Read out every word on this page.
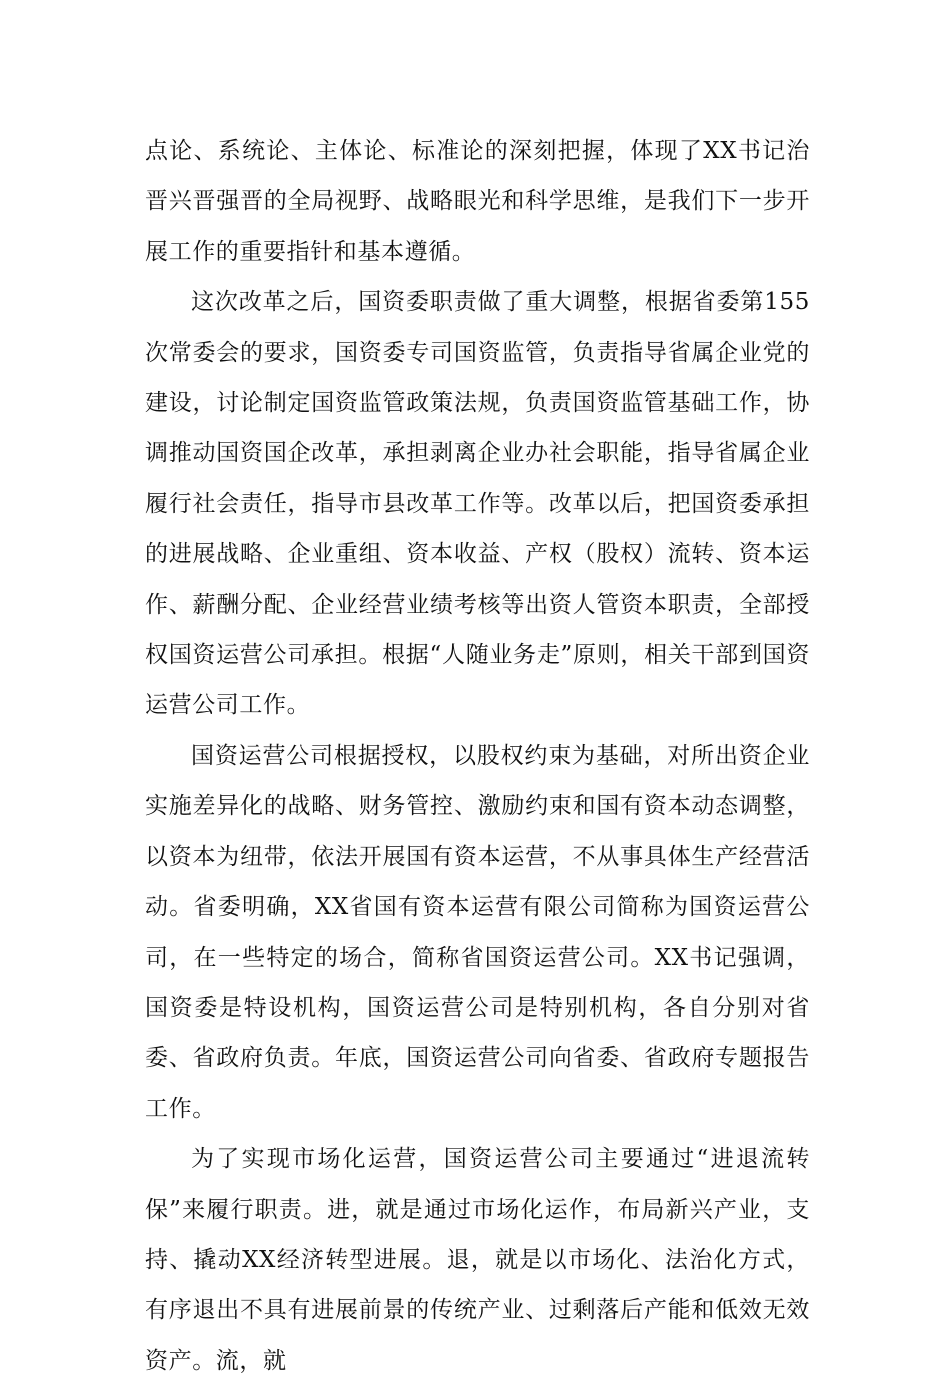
点论、系统论、主体论、标准论的深刻把握，体现了XX书记治晋兴晋强晋的全局视野、战略眼光和科学思维，是我们下一步开展工作的重要指针和基本遵循。

这次改革之后，国资委职责做了重大调整，根据省委第155次常委会的要求，国资委专司国资监管，负责指导省属企业党的建设，讨论制定国资监管政策法规，负责国资监管基础工作，协调推动国资国企改革，承担剥离企业办社会职能，指导省属企业履行社会责任，指导市县改革工作等。改革以后，把国资委承担的进展战略、企业重组、资本收益、产权（股权）流转、资本运作、薪酬分配、企业经营业绩考核等出资人管资本职责，全部授权国资运营公司承担。根据“人随业务走”原则，相关干部到国资运营公司工作。

国资运营公司根据授权，以股权约束为基础，对所出资企业实施差异化的战略、财务管控、激励约束和国有资本动态调整，以资本为纽带，依法开展国有资本运营，不从事具体生产经营活动。省委明确，XX省国有资本运营有限公司简称为国资运营公司，在一些特定的场合，简称省国资运营公司。XX书记强调，国资委是特设机构，国资运营公司是特别机构，各自分别对省委、省政府负责。年底，国资运营公司向省委、省政府专题报告工作。

为了实现市场化运营，国资运营公司主要通过“进退流转保”来履行职责。进，就是通过市场化运作，布局新兴产业，支持、撬动XX经济转型进展。退，就是以市场化、法治化方式，有序退出不具有进展前景的传统产业、过剩落后产能和低效无效资产。流，就
